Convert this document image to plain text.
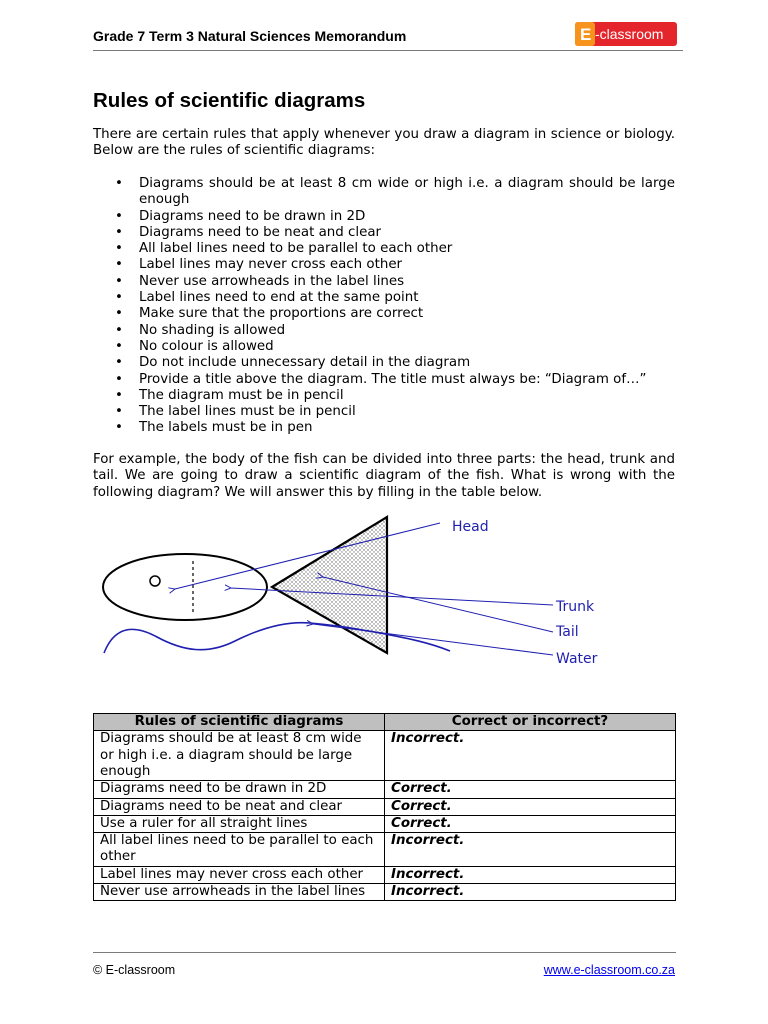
Grade 7 Term 3 Natural Sciences Memorandum	E -classroom
Rules of scientific diagrams

There are certain rules that apply whenever you draw a diagram in science or biology. Below are the rules of scientific diagrams:

• Diagrams should be at least 8 cm wide or high i.e. a diagram should be large enough
• Diagrams need to be drawn in 2D
• Diagrams need to be neat and clear
• All label lines need to be parallel to each other
• Label lines may never cross each other
• Never use arrowheads in the label lines
• Label lines need to end at the same point
• Make sure that the proportions are correct
• No shading is allowed
• No colour is allowed
• Do not include unnecessary detail in the diagram
• Provide a title above the diagram. The title must always be: “Diagram of…”
• The diagram must be in pencil
• The label lines must be in pencil
• The labels must be in pen

For example, the body of the fish can be divided into three parts: the head, trunk and tail. We are going to draw a scientific diagram of the fish. What is wrong with the following diagram? We will answer this by filling in the table below.

Head
Trunk
Tail
Water
Rules of scientific diagrams	Correct or incorrect?
Diagrams should be at least 8 cm wide or high i.e. a diagram should be large enough	Incorrect.
Diagrams need to be drawn in 2D	Correct.
Diagrams need to be neat and clear	Correct.
Use a ruler for all straight lines	Correct.
All label lines need to be parallel to each other	Incorrect.
Label lines may never cross each other	Incorrect.
Never use arrowheads in the label lines	Incorrect.
© E-classroom	www.e-classroom.co.za
